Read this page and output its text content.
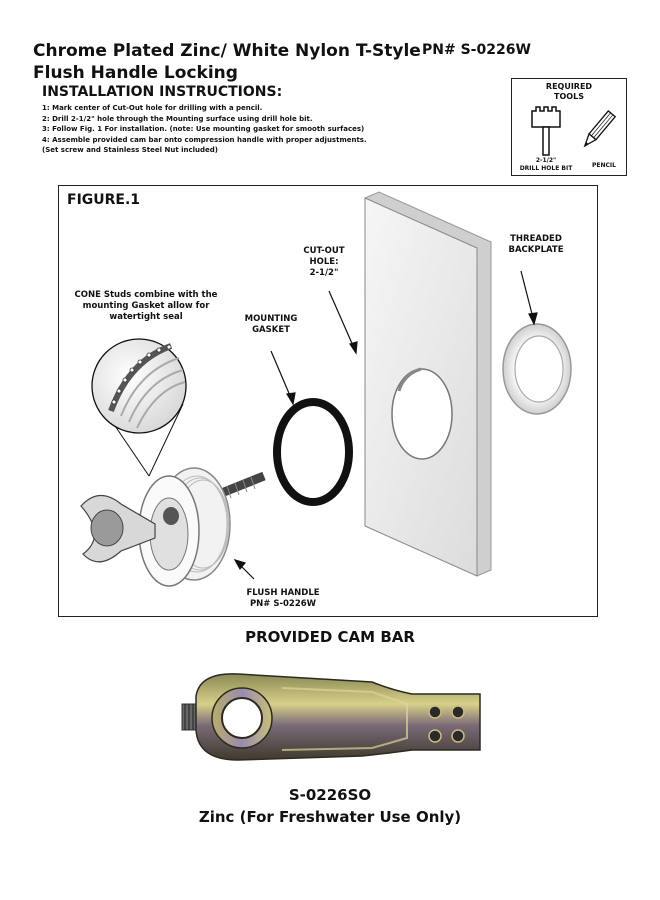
Chrome Plated Zinc/ White Nylon T-Style
Flush Handle Locking
PN# S-0226W
INSTALLATION INSTRUCTIONS:
1: Mark center of Cut-Out hole for drilling with a pencil.
2: Drill 2-1/2" hole through the Mounting surface using drill hole bit.
3: Follow Fig. 1 For installation. (note: Use mounting gasket for smooth surfaces)
4: Assemble provided cam bar onto compression handle with proper adjustments.
(Set screw and Stainless Steel Nut included)
REQUIRED
TOOLS
2-1/2"
DRILL HOLE BIT	PENCIL
FIGURE.1
CONE Studs combine with the
mounting Gasket allow for
watertight seal	MOUNTING
GASKET
CUT-OUT
HOLE:
2-1/2"
THREADED
BACKPLATE
FLUSH HANDLE
PN# S-0226W
PROVIDED CAM BAR
S-0226SO
Zinc (For Freshwater Use Only)
